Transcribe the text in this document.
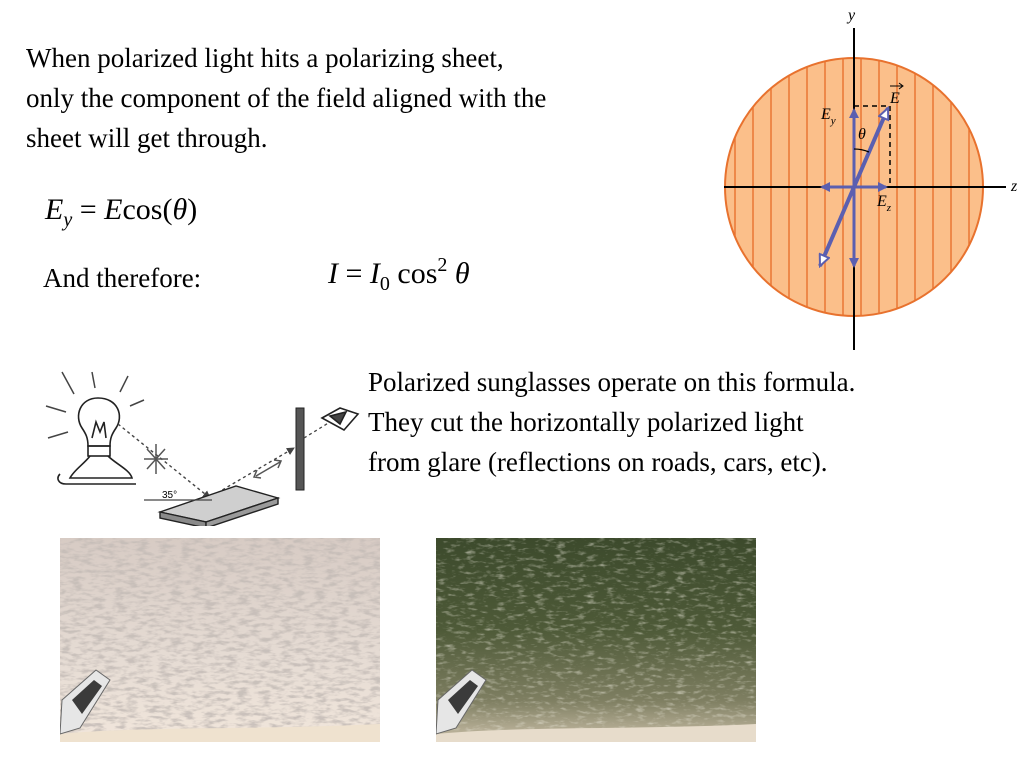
When polarized light hits a polarizing sheet,
only the component of the field aligned with the
sheet will get through.
$E_y = Ecos(\theta)$
And therefore:	$I = I_0$ $\cos^2 \theta$
y
z
θ
$E_y$
$E_z$
E
35°
Polarized sunglasses operate on this formula.
They cut the horizontally polarized light
from glare (reflections on roads, cars, etc).
